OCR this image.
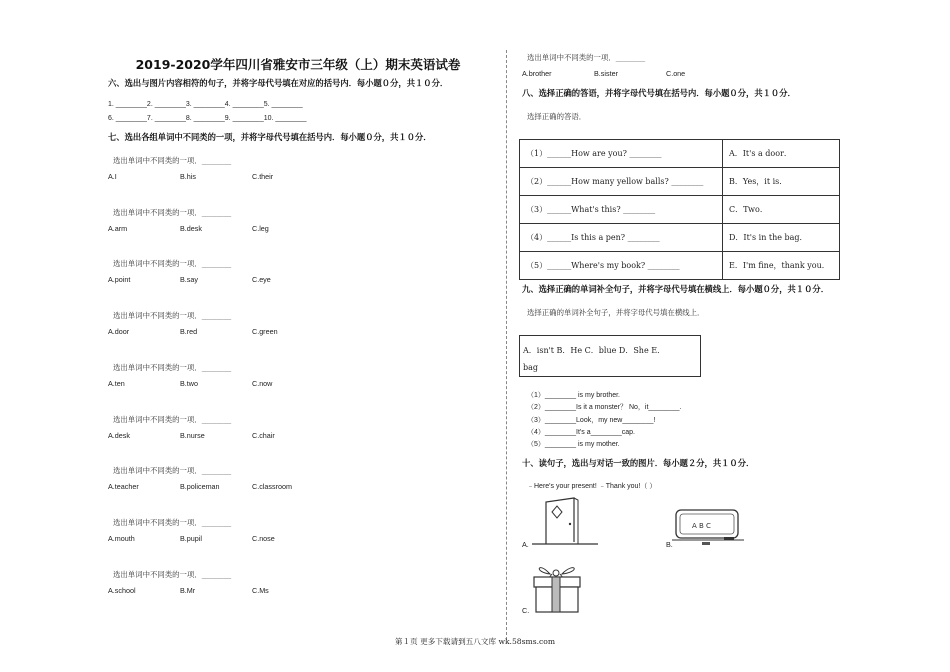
2019-2020学年四川省雅安市三年级（上）期末英语试卷
六、选出与图片内容相符的句子，并将字母代号填在对应的括号内．每小题０分，共１０分．
1. ________2. ________3. ________4. ________5. ________
6. ________7. ________8. ________9. ________10. ________
七、选出各组单词中不同类的一项，并将字母代号填在括号内．每小题０分，共１０分．
选出单词中不同类的一项．________
A.I	B.his	C.their
选出单词中不同类的一项．________
A.arm	B.desk	C.leg
选出单词中不同类的一项．________
A.point	B.say	C.eye
选出单词中不同类的一项．________
A.door	B.red	C.green
选出单词中不同类的一项．________
A.ten	B.two	C.now
选出单词中不同类的一项．________
A.desk	B.nurse	C.chair
选出单词中不同类的一项．________
A.teacher	B.policeman	C.classroom
选出单词中不同类的一项．________
A.mouth	B.pupil	C.nose
选出单词中不同类的一项．________
A.school	B.Mr	C.Ms
选出单词中不同类的一项．________
A.brother	B.sister	C.one
八、选择正确的答语，并将字母代号填在括号内．每小题０分，共１０分．
选择正确的答语．
（1）______How are you? ________	A．It's a door．
（2）______How many yellow balls? ________	B．Yes，it is．
（3）______What's this? ________	C．Two．
（4）______Is this a pen? ________	D．It's in the bag．
（5）______Where's my book? ________	E．I'm fine，thank you．
九、选择正确的单词补全句子，并将字母代号填在横线上．每小题０分，共１０分．
选择正确的单词补全句子，并将字母代号填在横线上．
A．isn't B．He C．blue D．She E．
bag
（1）________ is my brother.
（2）________Is it a monster？ No，it________.
（3）________Look，my new________!
（4）________It's a________cap.
（5）________ is my mother.
十、读句子，选出与对话一致的图片．每小题２分，共１０分．
﹣Here's your present! ﹣Thank you!（ ）
A.	B.
A B C
C.
第１页 更多下载请到五八文库 wk.58sms.com
